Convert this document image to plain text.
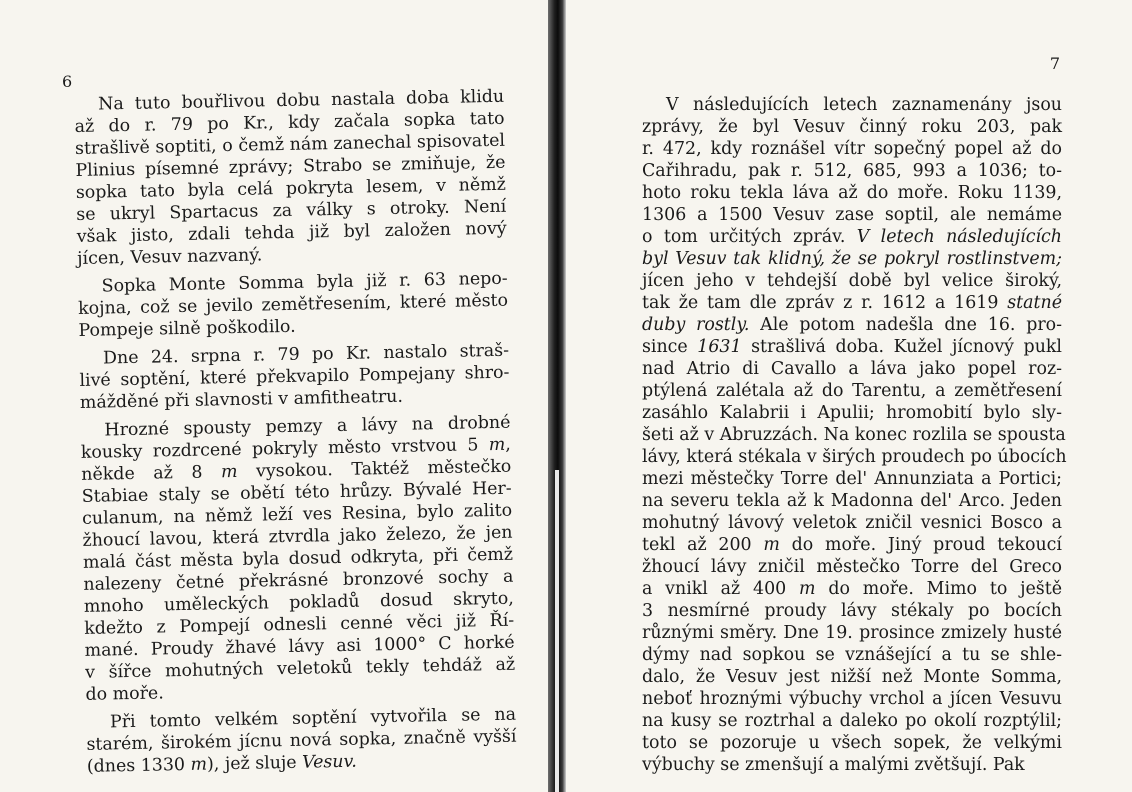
6

Na tuto bouřlivou dobu nastala doba klidu
až do r. 79 po Kr., kdy začala sopka tato
strašlivě soptiti, o čemž nám zanechal spisovatel
Plinius písemné zprávy; Strabo se zmiňuje, že
sopka tato byla celá pokryta lesem, v němž
se ukryl Spartacus za války s otroky. Není
však jisto, zdali tehda již byl založen nový
jícen, Vesuv nazvaný.

Sopka Monte Somma byla již r. 63 nepo-
kojna, což se jevilo zemětřesením, které město
Pompeje silně poškodilo.

Dne 24. srpna r. 79 po Kr. nastalo straš-
livé soptění, které překvapilo Pompejany shro-
mážděné při slavnosti v amfitheatru.

Hrozné spousty pemzy a lávy na drobné
kousky rozdrcené pokryly město vrstvou 5 m,
někde až 8 m vysokou. Taktéž městečko
Stabiae staly se obětí této hrůzy. Bývalé Her-
culanum, na němž leží ves Resina, bylo zalito
žhoucí lavou, která ztvrdla jako železo, že jen
malá část města byla dosud odkryta, při čemž
nalezeny četné překrásné bronzové sochy a
mnoho uměleckých pokladů dosud skryto,
kdežto z Pompejí odnesli cenné věci již Ří-
mané. Proudy žhavé lávy asi 1000° C horké
v šířce mohutných veletoků tekly tehdáž až
do moře.

Při tomto velkém soptění vytvořila se na
starém, širokém jícnu nová sopka, značně vyšší
(dnes 1330 m), jež sluje Vesuv.

7

V následujících letech zaznamenány jsou
zprávy, že byl Vesuv činný roku 203, pak
r. 472, kdy roznášel vítr sopečný popel až do
Cařihradu, pak r. 512, 685, 993 a 1036; to-
hoto roku tekla láva až do moře. Roku 1139,
1306 a 1500 Vesuv zase soptil, ale nemáme
o tom určitých zpráv. V letech následujících
byl Vesuv tak klidný, že se pokryl rostlinstvem;
jícen jeho v tehdejší době byl velice široký,
tak že tam dle zpráv z r. 1612 a 1619 statné
duby rostly. Ale potom nadešla dne 16. pro-
since 1631 strašlivá doba. Kužel jícnový pukl
nad Atrio di Cavallo a láva jako popel roz-
ptýlená zalétala až do Tarentu, a zemětřesení
zasáhlo Kalabrii i Apulii; hromobití bylo sly-
šeti až v Abruzzách. Na konec rozlila se spousta
lávy, která stékala v širých proudech po úbocích
mezi městečky Torre del' Annunziata a Portici;
na severu tekla až k Madonna del' Arco. Jeden
mohutný lávový veletok zničil vesnici Bosco a
tekl až 200 m do moře. Jiný proud tekoucí
žhoucí lávy zničil městečko Torre del Greco
a vnikl až 400 m do moře. Mimo to ještě
3 nesmírné proudy lávy stékaly po bocích
různými směry. Dne 19. prosince zmizely husté
dýmy nad sopkou se vznášející a tu se shle-
dalo, že Vesuv jest nižší než Monte Somma,
neboť hroznými výbuchy vrchol a jícen Vesuvu
na kusy se roztrhal a daleko po okolí rozptýlil;
toto se pozoruje u všech sopek, že velkými
výbuchy se zmenšují a malými zvětšují. Pak
